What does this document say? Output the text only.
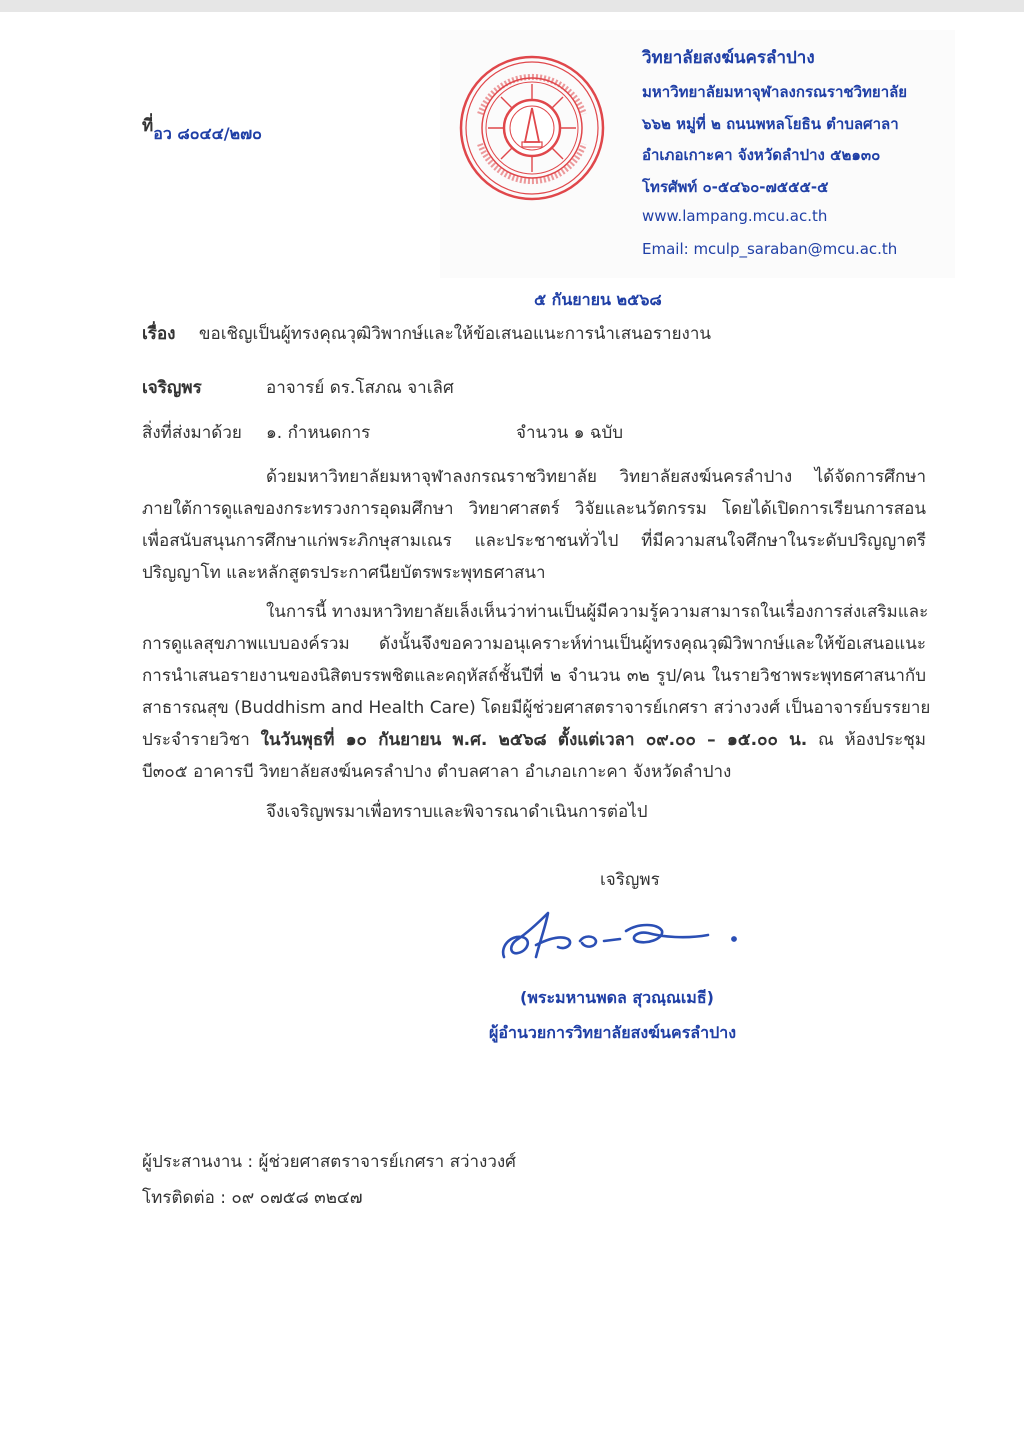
ที่อว ๘๐๔๔/๒๗๐
วิทยาลัยสงฆ์นครลำปาง
มหาวิทยาลัยมหาจุฬาลงกรณราชวิทยาลัย
๖๖๒ หมู่ที่ ๒ ถนนพหลโยธิน ตำบลศาลา
อำเภอเกาะคา จังหวัดลำปาง ๕๒๑๓๐
โทรศัพท์ ๐-๕๔๖๐-๗๕๕๕-๕
www.lampang.mcu.ac.th
Email: mculp_saraban@mcu.ac.th
๕ กันยายน ๒๕๖๘
เรื่อง ขอเชิญเป็นผู้ทรงคุณวุฒิวิพากษ์และให้ข้อเสนอแนะการนำเสนอรายงาน
เจริญพร	อาจารย์ ดร.โสภณ จาเลิศ
สิ่งที่ส่งมาด้วย ๑. กำหนดการ	จำนวน ๑ ฉบับ
ด้วยมหาวิทยาลัยมหาจุฬาลงกรณราชวิทยาลัย วิทยาลัยสงฆ์นครลำปาง ได้จัดการศึกษา
ภายใต้การดูแลของกระทรวงการอุดมศึกษา วิทยาศาสตร์ วิจัยและนวัตกรรม โดยได้เปิดการเรียนการสอน
เพื่อสนับสนุนการศึกษาแก่พระภิกษุสามเณร และประชาชนทั่วไป ที่มีความสนใจศึกษาในระดับปริญญาตรี
ปริญญาโท และหลักสูตรประกาศนียบัตรพระพุทธศาสนา
ในการนี้ ทางมหาวิทยาลัยเล็งเห็นว่าท่านเป็นผู้มีความรู้ความสามารถในเรื่องการส่งเสริมและ
การดูแลสุขภาพแบบองค์รวม ดังนั้นจึงขอความอนุเคราะห์ท่านเป็นผู้ทรงคุณวุฒิวิพากษ์และให้ข้อเสนอแนะ
การนำเสนอรายงานของนิสิตบรรพชิตและคฤหัสถ์ชั้นปีที่ ๒ จำนวน ๓๒ รูป/คน ในรายวิชาพระพุทธศาสนากับ
สาธารณสุข (Buddhism and Health Care) โดยมีผู้ช่วยศาสตราจารย์เกศรา สว่างวงศ์ เป็นอาจารย์บรรยาย
ประจำรายวิชา ในวันพุธที่ ๑๐ กันยายน พ.ศ. ๒๕๖๘ ตั้งแต่เวลา ๐๙.๐๐ – ๑๕.๐๐ น. ณ ห้องประชุม
บี๓๐๕ อาคารบี วิทยาลัยสงฆ์นครลำปาง ตำบลศาลา อำเภอเกาะคา จังหวัดลำปาง
จึงเจริญพรมาเพื่อทราบและพิจารณาดำเนินการต่อไป
เจริญพร
(พระมหานพดล สุวณฺณเมธี)
ผู้อำนวยการวิทยาลัยสงฆ์นครลำปาง
ผู้ประสานงาน : ผู้ช่วยศาสตราจารย์เกศรา สว่างวงศ์
โทรติดต่อ : ๐๙ ๐๗๕๘ ๓๒๔๗
